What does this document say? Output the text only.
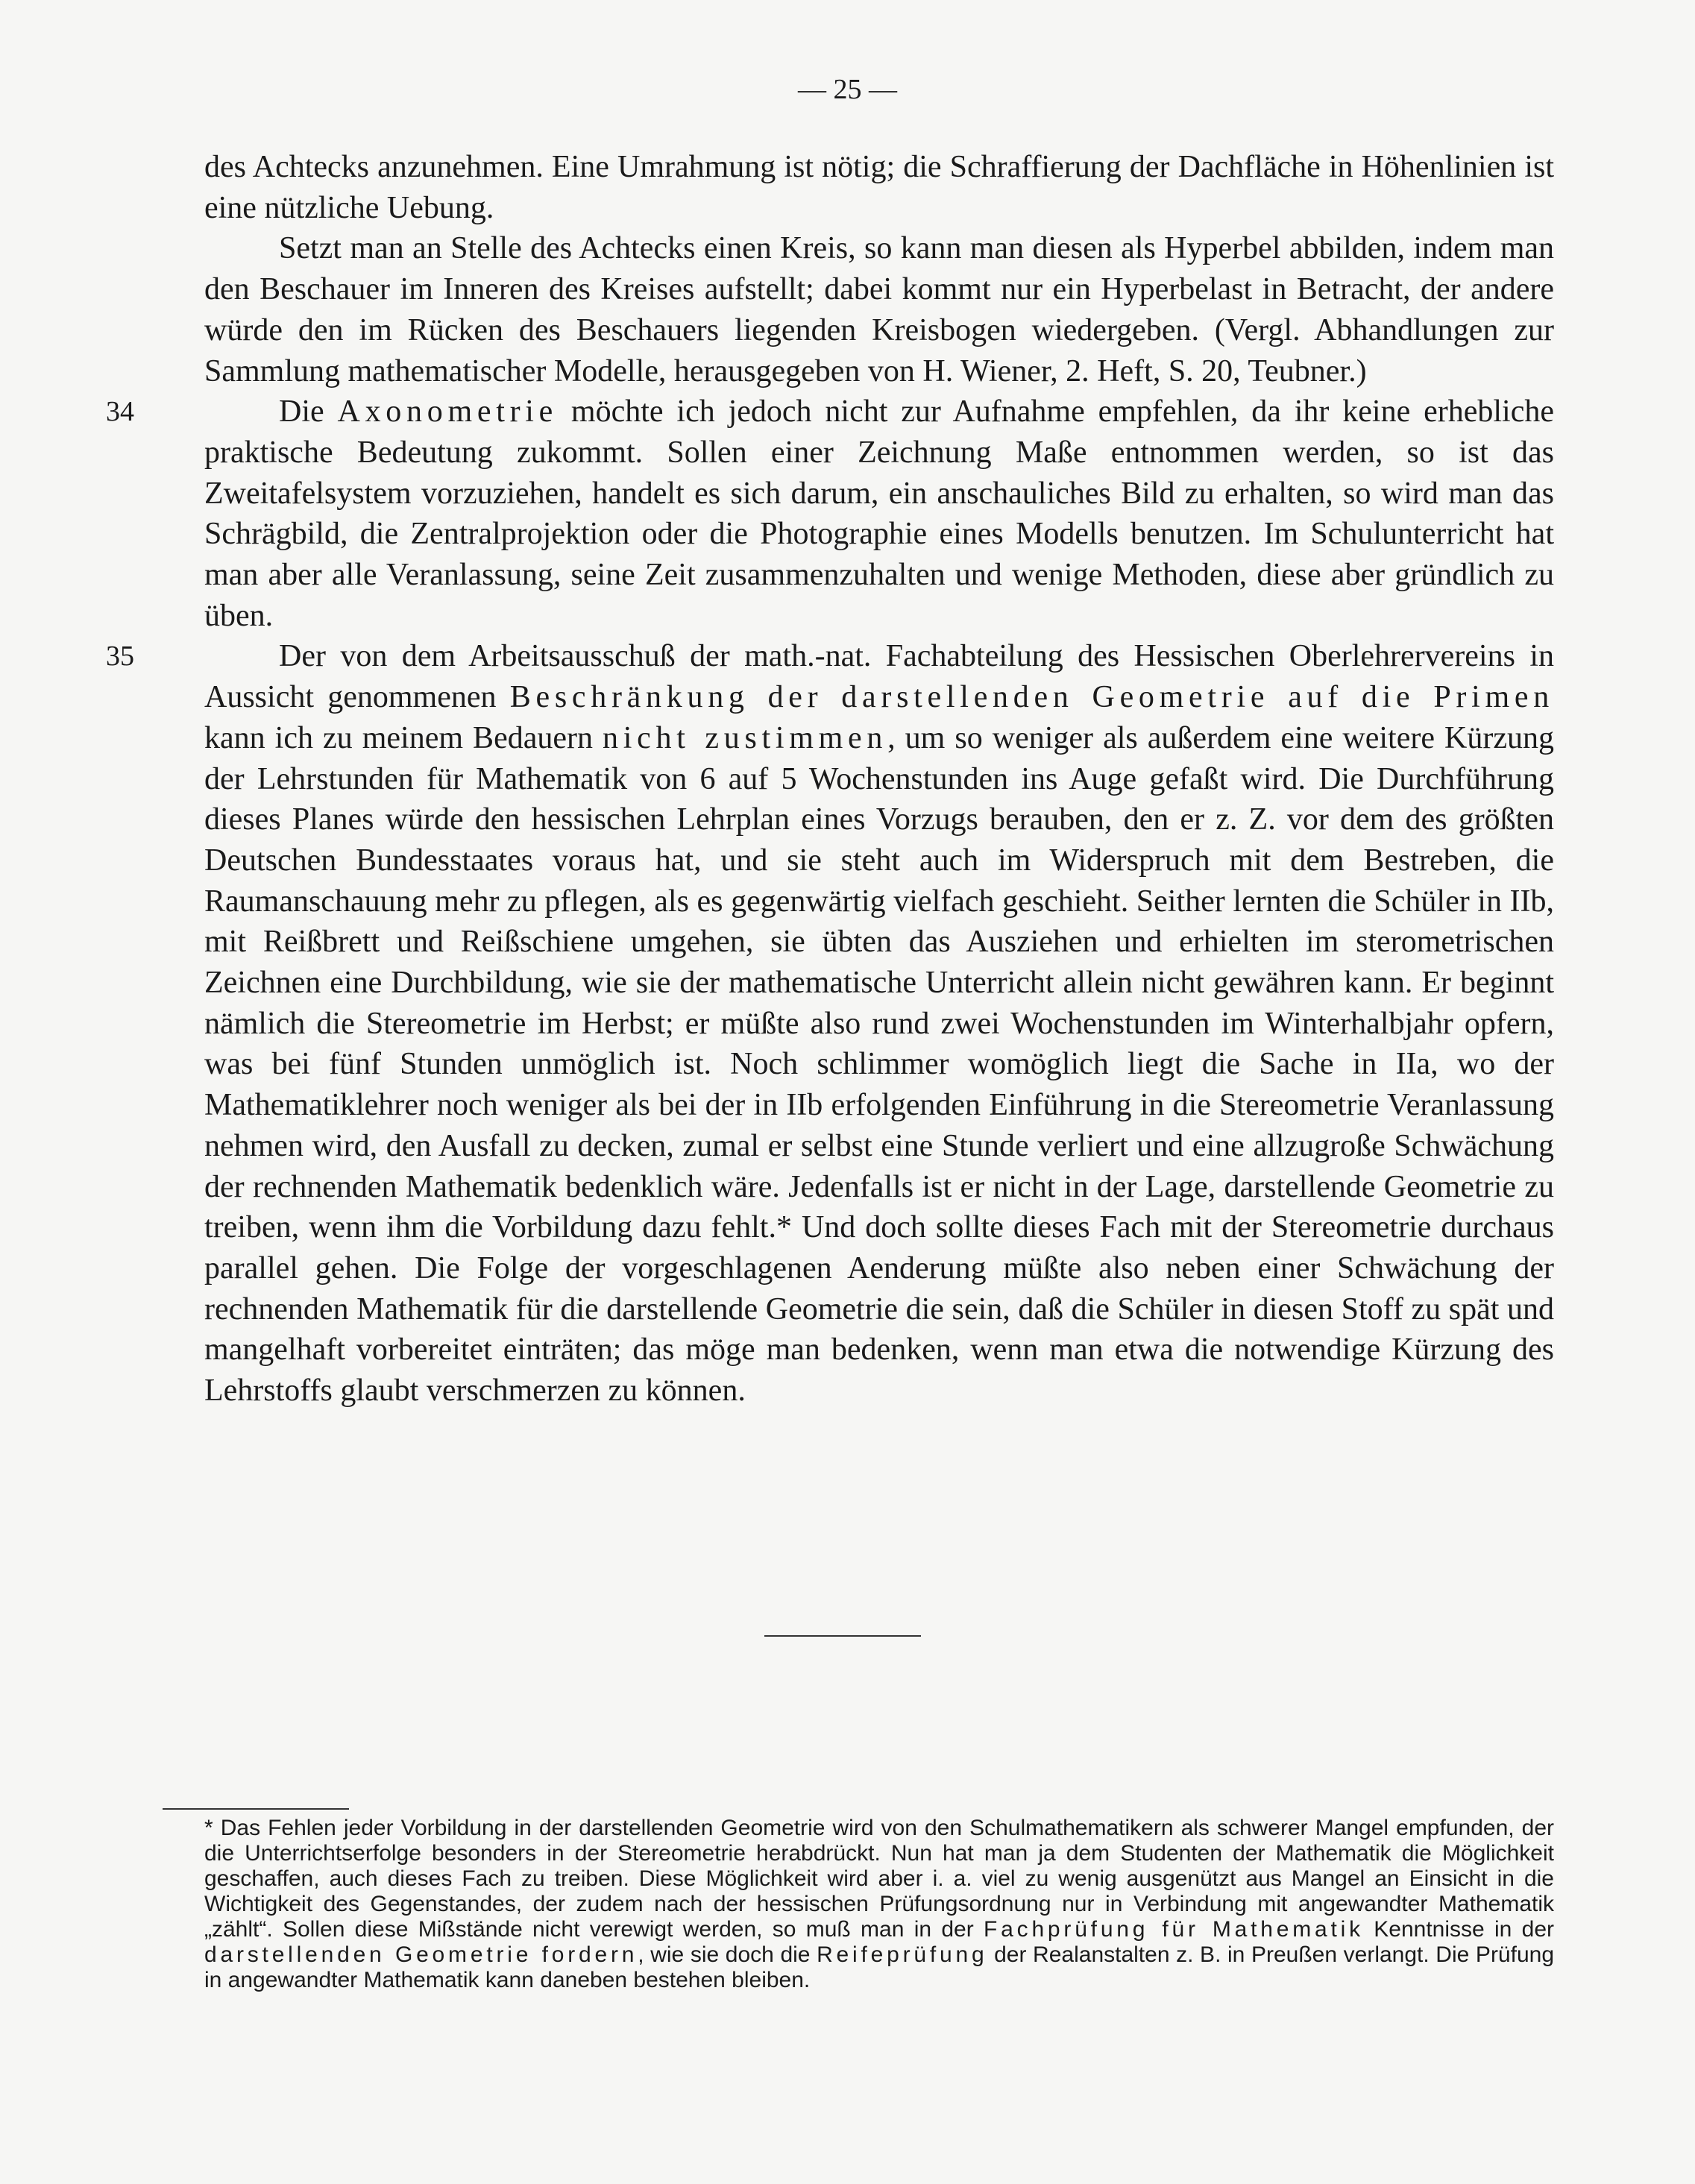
— 25 —

des Achtecks anzunehmen. Eine Umrahmung ist nötig; die Schraffierung der Dachfläche in Höhenlinien ist eine nützliche Uebung.

Setzt man an Stelle des Achtecks einen Kreis, so kann man diesen als Hyperbel abbilden, indem man den Beschauer im Inneren des Kreises aufstellt; dabei kommt nur ein Hyperbelast in Betracht, der andere würde den im Rücken des Beschauers liegenden Kreisbogen wiedergeben. (Vergl. Abhandlungen zur Sammlung mathematischer Modelle, herausgegeben von H. Wiener, 2. Heft, S. 20, Teubner.)

34	Die Axonometrie möchte ich jedoch nicht zur Aufnahme empfehlen, da ihr keine erhebliche praktische Bedeutung zukommt. Sollen einer Zeichnung Maße entnommen werden, so ist das Zweitafelsystem vorzuziehen, handelt es sich darum, ein anschauliches Bild zu erhalten, so wird man das Schrägbild, die Zentralprojektion oder die Photographie eines Modells benutzen. Im Schulunterricht hat man aber alle Veranlassung, seine Zeit zusammenzuhalten und wenige Methoden, diese aber gründlich zu üben.

35	Der von dem Arbeitsausschuß der math.-nat. Fachabteilung des Hessischen Oberlehrervereins in Aussicht genommenen Beschränkung der darstellenden Geometrie auf die Primen kann ich zu meinem Bedauern nicht zustimmen, um so weniger als außerdem eine weitere Kürzung der Lehrstunden für Mathematik von 6 auf 5 Wochenstunden ins Auge gefaßt wird. Die Durchführung dieses Planes würde den hessischen Lehrplan eines Vorzugs berauben, den er z. Z. vor dem des größten Deutschen Bundesstaates voraus hat, und sie steht auch im Widerspruch mit dem Bestreben, die Raumanschauung mehr zu pflegen, als es gegenwärtig vielfach geschieht. Seither lernten die Schüler in IIb, mit Reißbrett und Reißschiene umgehen, sie übten das Ausziehen und erhielten im sterometrischen Zeichnen eine Durchbildung, wie sie der mathematische Unterricht allein nicht gewähren kann. Er beginnt nämlich die Stereometrie im Herbst; er müßte also rund zwei Wochenstunden im Winterhalbjahr opfern, was bei fünf Stunden unmöglich ist. Noch schlimmer womöglich liegt die Sache in IIa, wo der Mathematiklehrer noch weniger als bei der in IIb erfolgenden Einführung in die Stereometrie Veranlassung nehmen wird, den Ausfall zu decken, zumal er selbst eine Stunde verliert und eine allzugroße Schwächung der rechnenden Mathematik bedenklich wäre. Jedenfalls ist er nicht in der Lage, darstellende Geometrie zu treiben, wenn ihm die Vorbildung dazu fehlt.* Und doch sollte dieses Fach mit der Stereometrie durchaus parallel gehen. Die Folge der vorgeschlagenen Aenderung müßte also neben einer Schwächung der rechnenden Mathematik für die darstellende Geometrie die sein, daß die Schüler in diesen Stoff zu spät und mangelhaft vorbereitet einträten; das möge man bedenken, wenn man etwa die notwendige Kürzung des Lehrstoffs glaubt verschmerzen zu können.

* Das Fehlen jeder Vorbildung in der darstellenden Geometrie wird von den Schulmathematikern als schwerer Mangel empfunden, der die Unterrichtserfolge besonders in der Stereometrie herabdrückt. Nun hat man ja dem Studenten der Mathematik die Möglichkeit geschaffen, auch dieses Fach zu treiben. Diese Möglichkeit wird aber i. a. viel zu wenig ausgenützt aus Mangel an Einsicht in die Wichtigkeit des Gegenstandes, der zudem nach der hessischen Prüfungsordnung nur in Verbindung mit angewandter Mathematik „zählt“. Sollen diese Mißstände nicht verewigt werden, so muß man in der Fachprüfung für Mathematik Kenntnisse in der darstellenden Geometrie fordern, wie sie doch die Reifeprüfung der Realanstalten z. B. in Preußen verlangt. Die Prüfung in angewandter Mathematik kann daneben bestehen bleiben.
